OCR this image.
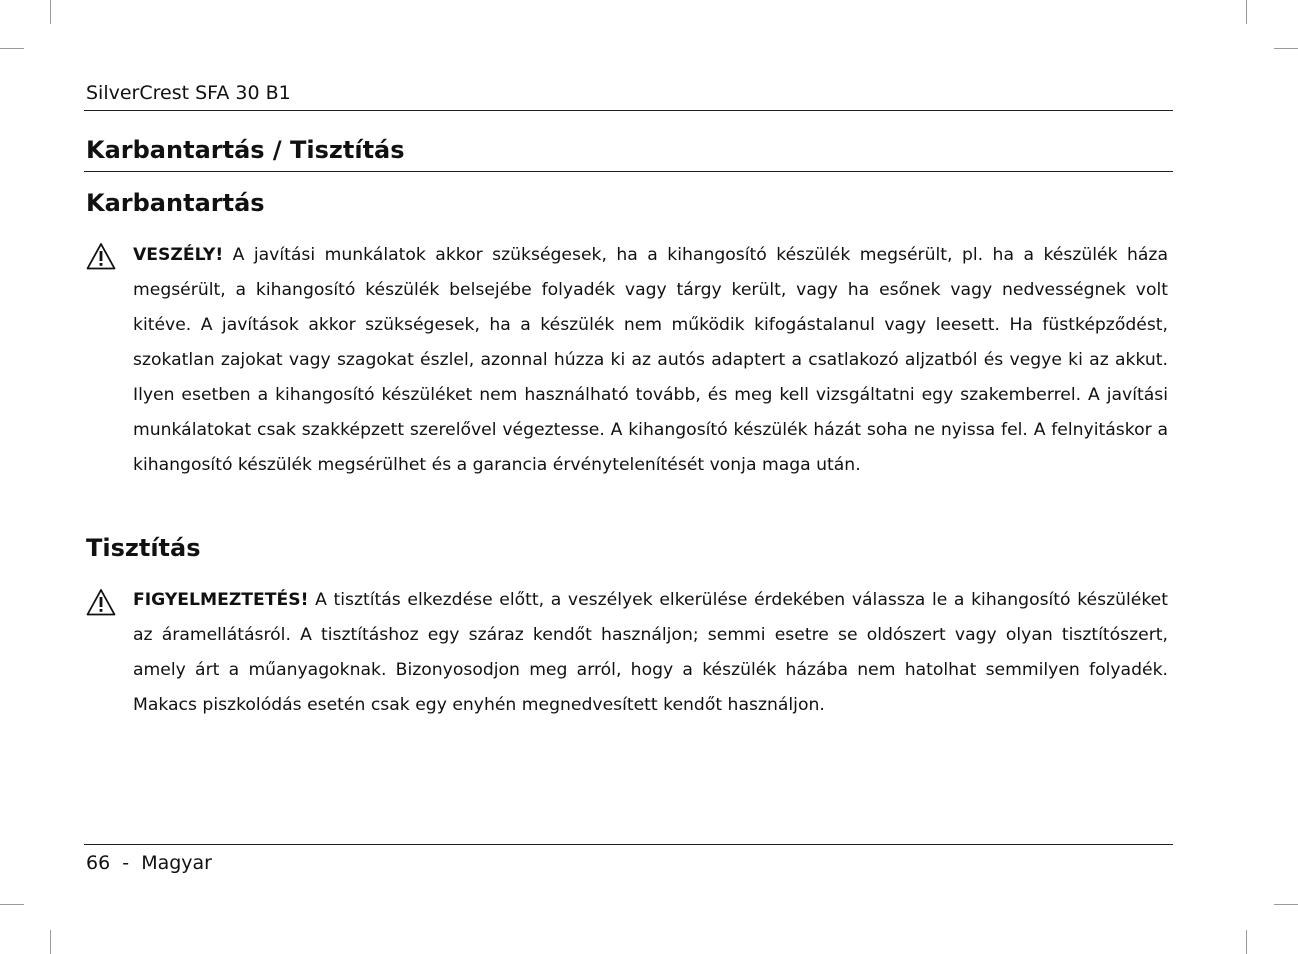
SilverCrest SFA 30 B1
Karbantartás / Tisztítás
Karbantartás

VESZÉLY! A javítási munkálatok akkor szükségesek, ha a kihangosító készülék megsérült, pl. ha a készülék háza megsérült, a kihangosító készülék belsejébe folyadék vagy tárgy került, vagy ha esőnek vagy nedvességnek volt kitéve. A javítások akkor szükségesek, ha a készülék nem működik kifogástalanul vagy leesett. Ha füstképződést, szokatlan zajokat vagy szagokat észlel, azonnal húzza ki az autós adaptert a csatlakozó aljzatból és vegye ki az akkut. Ilyen esetben a kihangosító készüléket nem használható tovább, és meg kell vizsgáltatni egy szakemberrel. A javítási munkálatokat csak szakképzett szerelővel végeztesse. A kihangosító készülék házát soha ne nyissa fel. A felnyitáskor a kihangosító készülék megsérülhet és a garancia érvénytelenítését vonja maga után.

Tisztítás

FIGYELMEZTETÉS! A tisztítás elkezdése előtt, a veszélyek elkerülése érdekében válassza le a kihangosító készüléket az áramellátásról. A tisztításhoz egy száraz kendőt használjon; semmi esetre se oldószert vagy olyan tisztítószert, amely árt a műanyagoknak. Bizonyosodjon meg arról, hogy a készülék házába nem hatolhat semmilyen folyadék. Makacs piszkolódás esetén csak egy enyhén megnedvesített kendőt használjon.

66  -  Magyar
